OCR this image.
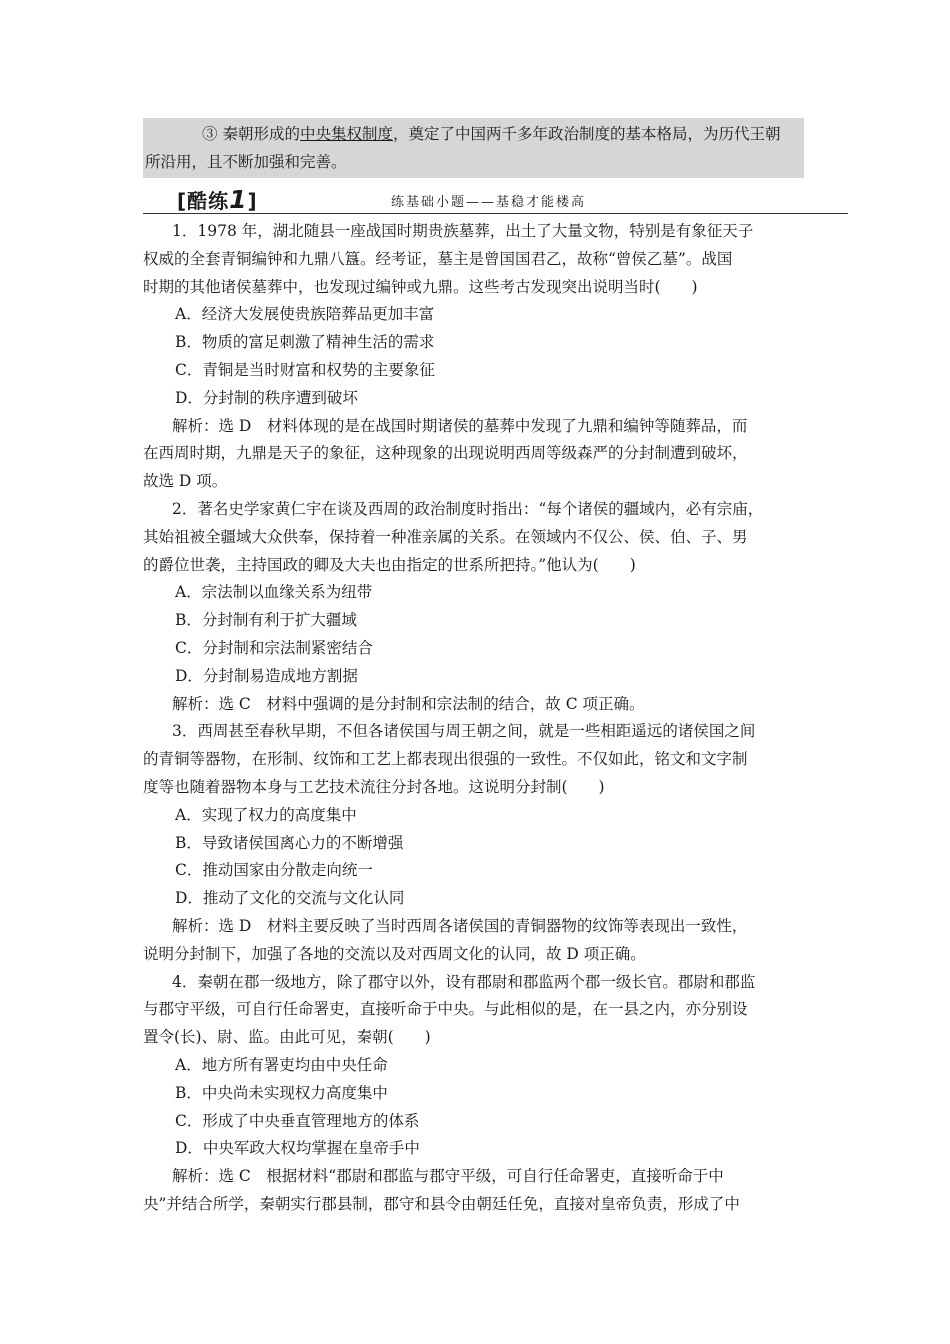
③ 秦朝形成的中央集权制度，奠定了中国两千多年政治制度的基本格局，为历代王朝
所沿用，且不断加强和完善。
[酷练1]	练基础小题——基稳才能楼高

1．1978 年，湖北随县一座战国时期贵族墓葬，出土了大量文物，特别是有象征天子

权威的全套青铜编钟和九鼎八簋。经考证，墓主是曾国国君乙，故称“曾侯乙墓”。战国

时期的其他诸侯墓葬中，也发现过编钟或九鼎。这些考古发现突出说明当时(　　)

A．经济大发展使贵族陪葬品更加丰富

B．物质的富足刺激了精神生活的需求

C．青铜是当时财富和权势的主要象征

D．分封制的秩序遭到破坏

解析：选 D　材料体现的是在战国时期诸侯的墓葬中发现了九鼎和编钟等随葬品，而

在西周时期，九鼎是天子的象征，这种现象的出现说明西周等级森严的分封制遭到破坏，

故选 D 项。

2．著名史学家黄仁宇在谈及西周的政治制度时指出：“每个诸侯的疆域内，必有宗庙，

其始祖被全疆域大众供奉，保持着一种准亲属的关系。在领域内不仅公、侯、伯、子、男

的爵位世袭，主持国政的卿及大夫也由指定的世系所把持。”他认为(　　)

A．宗法制以血缘关系为纽带

B．分封制有利于扩大疆域

C．分封制和宗法制紧密结合

D．分封制易造成地方割据

解析：选 C　材料中强调的是分封制和宗法制的结合，故 C 项正确。

3．西周甚至春秋早期，不但各诸侯国与周王朝之间，就是一些相距遥远的诸侯国之间

的青铜等器物，在形制、纹饰和工艺上都表现出很强的一致性。不仅如此，铭文和文字制

度等也随着器物本身与工艺技术流往分封各地。这说明分封制(　　)

A．实现了权力的高度集中

B．导致诸侯国离心力的不断增强

C．推动国家由分散走向统一

D．推动了文化的交流与文化认同

解析：选 D　材料主要反映了当时西周各诸侯国的青铜器物的纹饰等表现出一致性，

说明分封制下，加强了各地的交流以及对西周文化的认同，故 D 项正确。

4．秦朝在郡一级地方，除了郡守以外，设有郡尉和郡监两个郡一级长官。郡尉和郡监

与郡守平级，可自行任命署吏，直接听命于中央。与此相似的是，在一县之内，亦分别设

置令(长)、尉、监。由此可见，秦朝(　　)

A．地方所有署吏均由中央任命

B．中央尚未实现权力高度集中

C．形成了中央垂直管理地方的体系

D．中央军政大权均掌握在皇帝手中

解析：选 C　根据材料“郡尉和郡监与郡守平级，可自行任命署吏，直接听命于中

央”并结合所学，秦朝实行郡县制，郡守和县令由朝廷任免，直接对皇帝负责，形成了中
